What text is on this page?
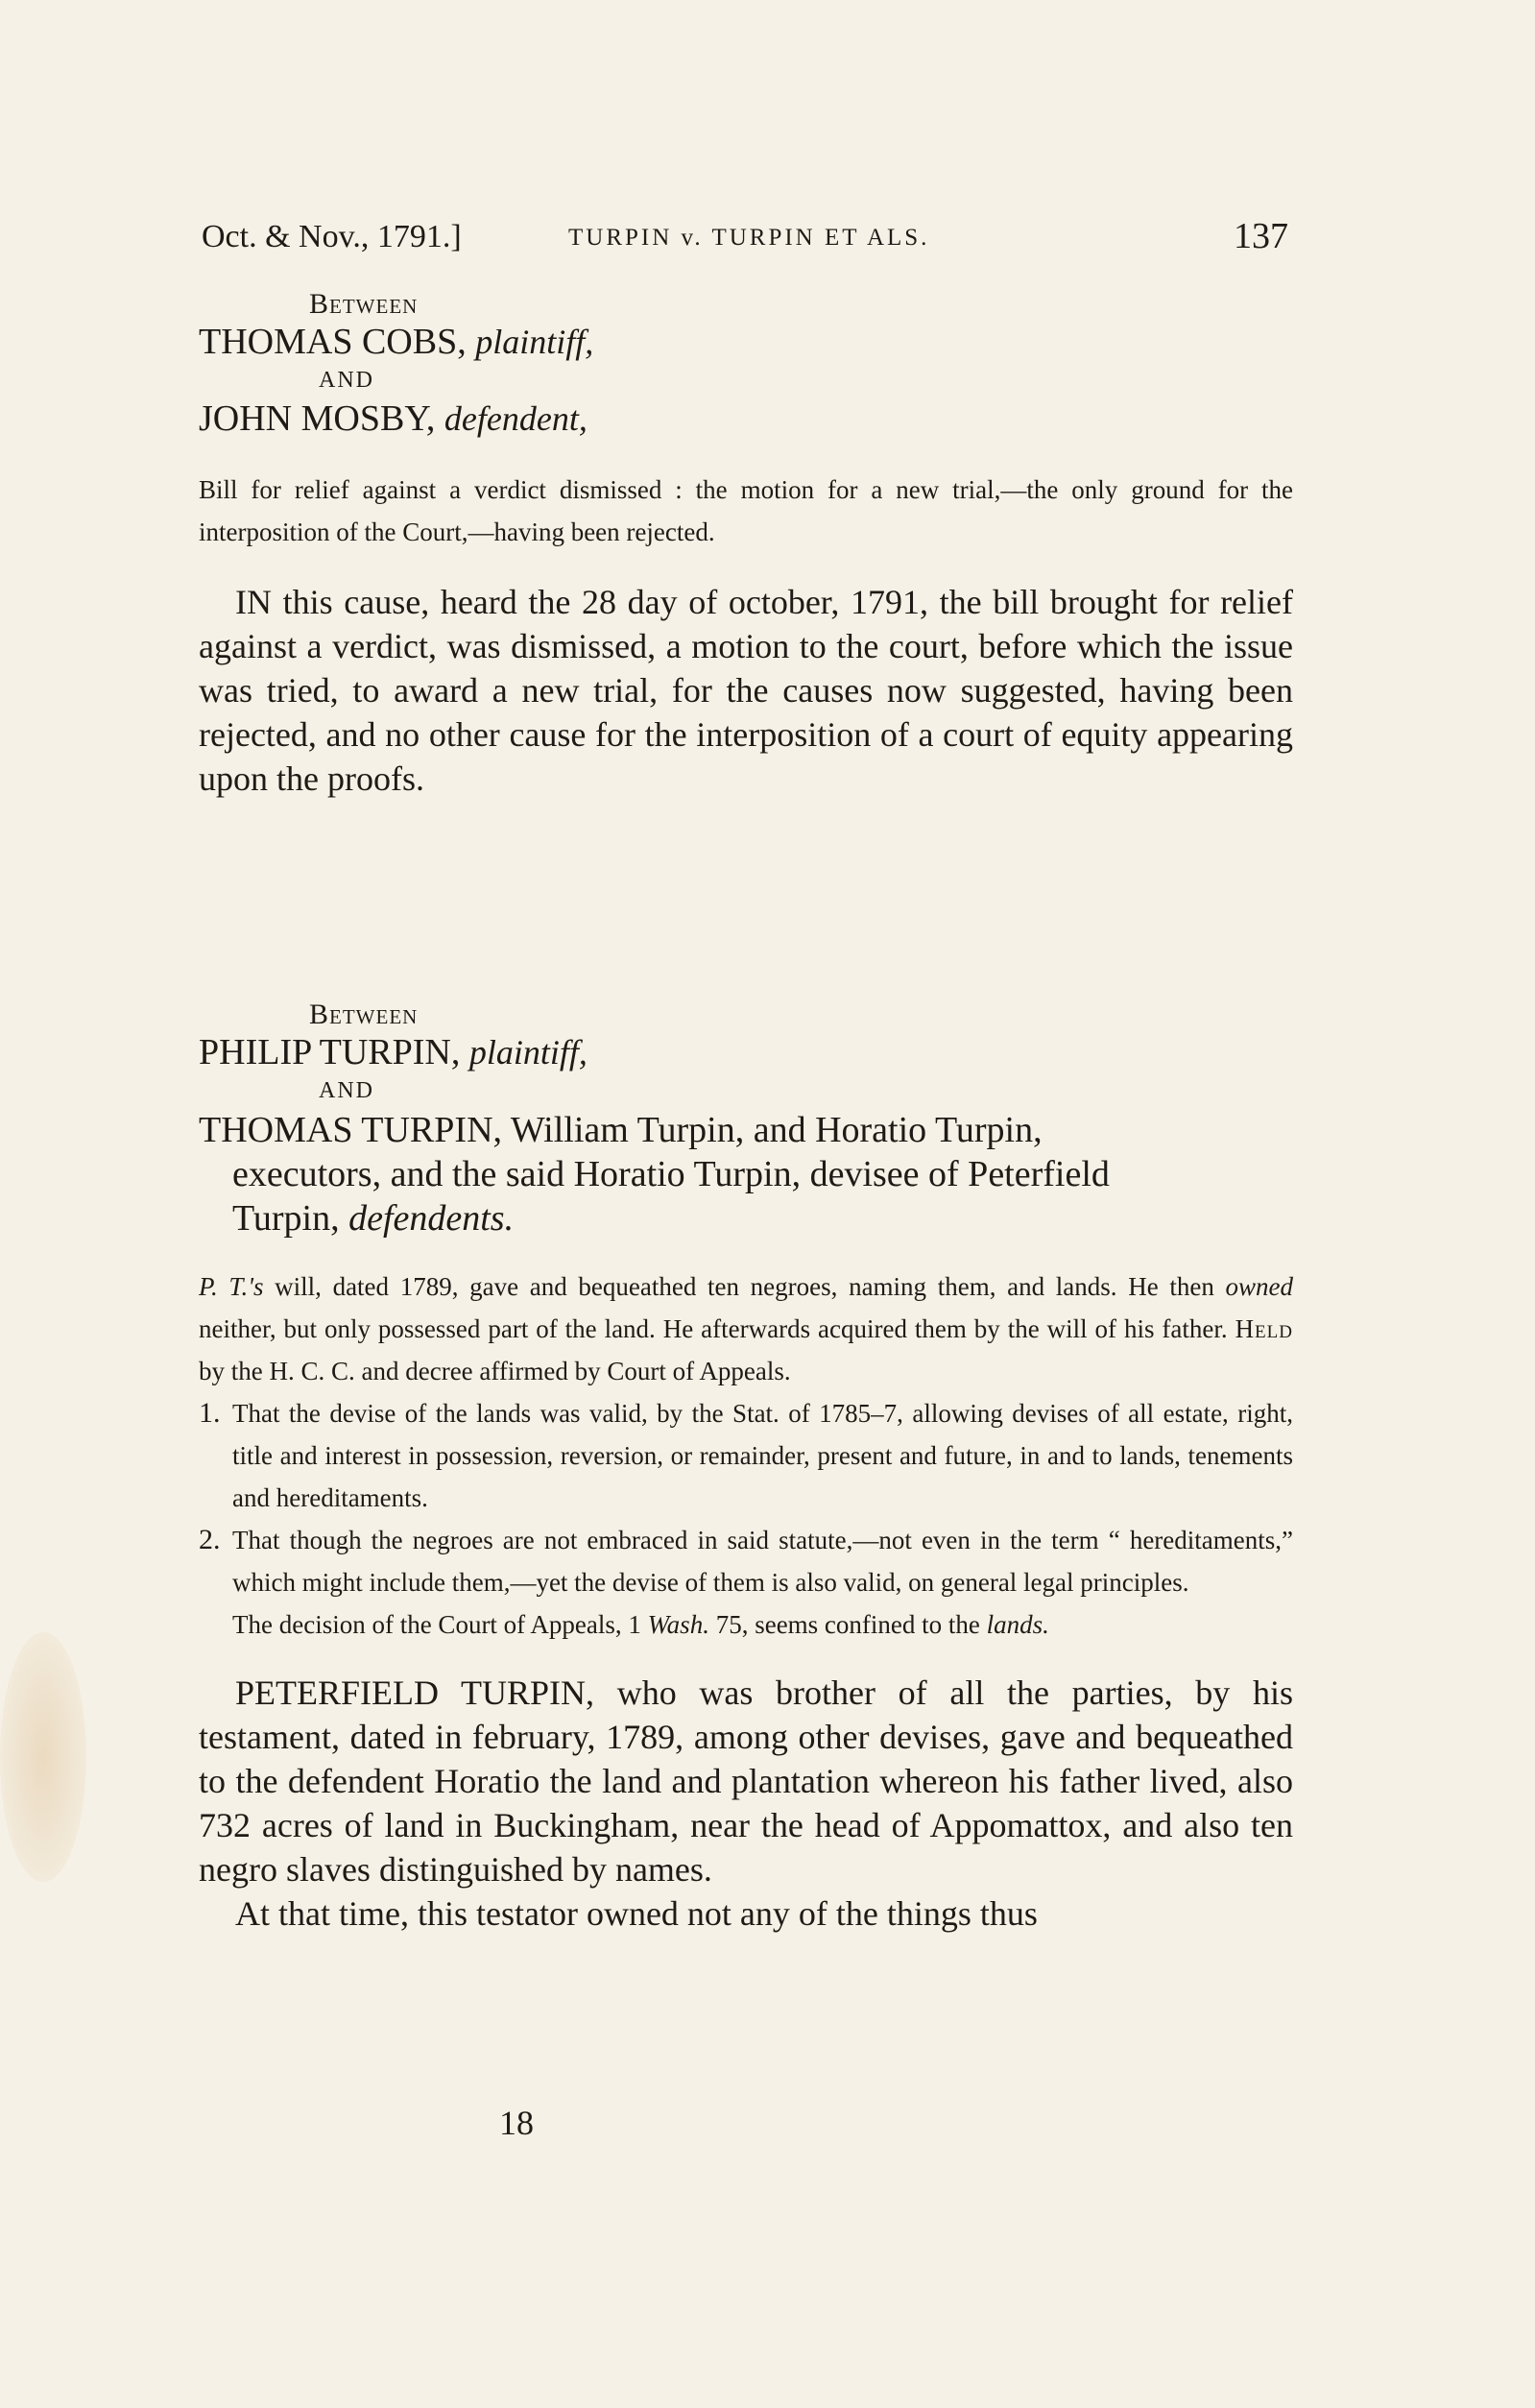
Oct. & Nov., 1791.]	TURPIN v. TURPIN ET ALS.	137
Between
THOMAS COBS, plaintiff,
AND
JOHN MOSBY, defendent,
Bill for relief against a verdict dismissed : the motion for a new trial,—the only ground for the interposition of the Court,—having been rejected.

IN this cause, heard the 28 day of october, 1791, the bill brought for relief against a verdict, was dismissed, a motion to the court, before which the issue was tried, to award a new trial, for the causes now suggested, having been rejected, and no other cause for the interposition of a court of equity appearing upon the proofs.

Between
PHILIP TURPIN, plaintiff,
AND
THOMAS TURPIN, William Turpin, and Horatio Turpin,
executors, and the said Horatio Turpin, devisee of Peterfield
Turpin, defendents.
P. T.'s will, dated 1789, gave and bequeathed ten negroes, naming them, and lands. He then owned neither, but only possessed part of the land. He afterwards acquired them by the will of his father. Held by the H. C. C. and decree affirmed by Court of Appeals.
1. That the devise of the lands was valid, by the Stat. of 1785–7, allowing devises of all estate, right, title and interest in possession, reversion, or remainder, present and future, in and to lands, tenements and hereditaments.
2. That though the negroes are not embraced in said statute,—not even in the term “ hereditaments,” which might include them,—yet the devise of them is also valid, on general legal principles.
The decision of the Court of Appeals, 1 Wash. 75, seems confined to the lands.

PETERFIELD TURPIN, who was brother of all the parties, by his testament, dated in february, 1789, among other devises, gave and bequeathed to the defendent Horatio the land and plantation whereon his father lived, also 732 acres of land in Buckingham, near the head of Appomattox, and also ten negro slaves distinguished by names.

At that time, this testator owned not any of the things thus

18
